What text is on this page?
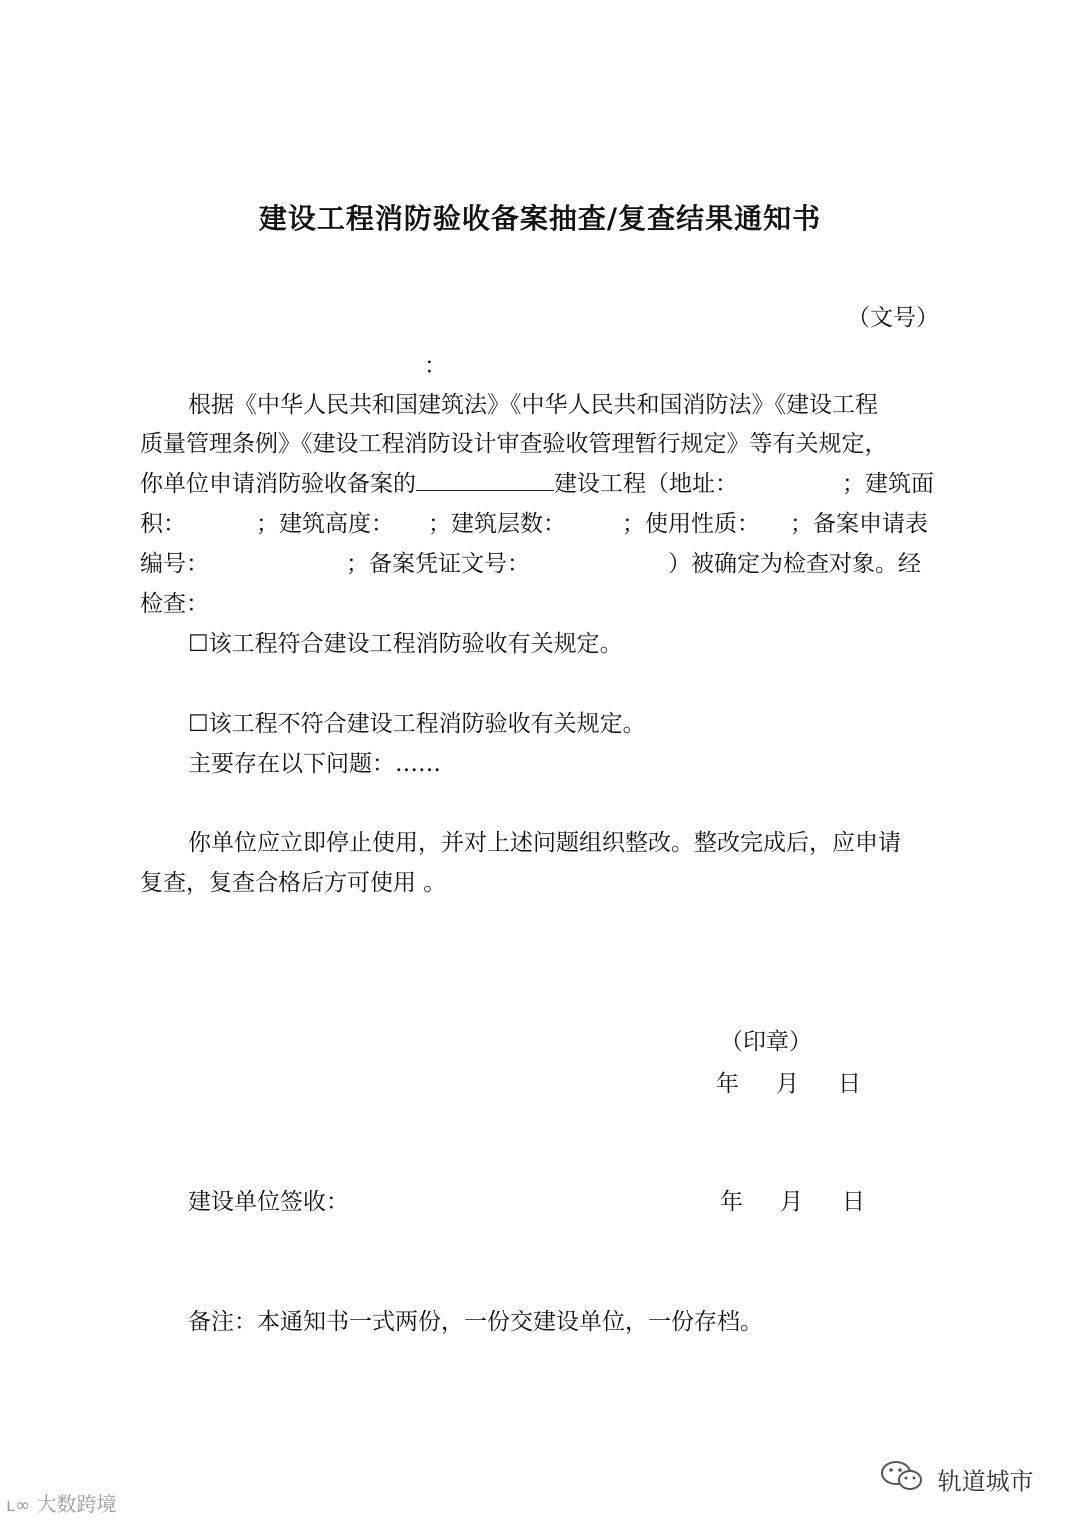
建设工程消防验收备案抽查/复查结果通知书
（文号）
：
根据《中华人民共和国建筑法》《中华人民共和国消防法》《建设工程
质量管理条例》《建设工程消防设计审查验收管理暂行规定》等有关规定，
你单位申请消防验收备案的	建设工程（地址：	；建筑面
积：	；建筑高度： ；建筑层数： ；使用性质： ；备案申请表
编号：	；备案凭证文号：	）被确定为检查对象。经
检查：
☐该工程符合建设工程消防验收有关规定。
☐该工程不符合建设工程消防验收有关规定。
主要存在以下问题：……
你单位应立即停止使用，并对上述问题组织整改。整改完成后，应申请
复查，复查合格后方可使用 。
（印章）
年 月 日
建设单位签收：	年 月 日
备注：本通知书一式两份，一份交建设单位，一份存档。
ʟ∞ 大数跨境
轨道城市
